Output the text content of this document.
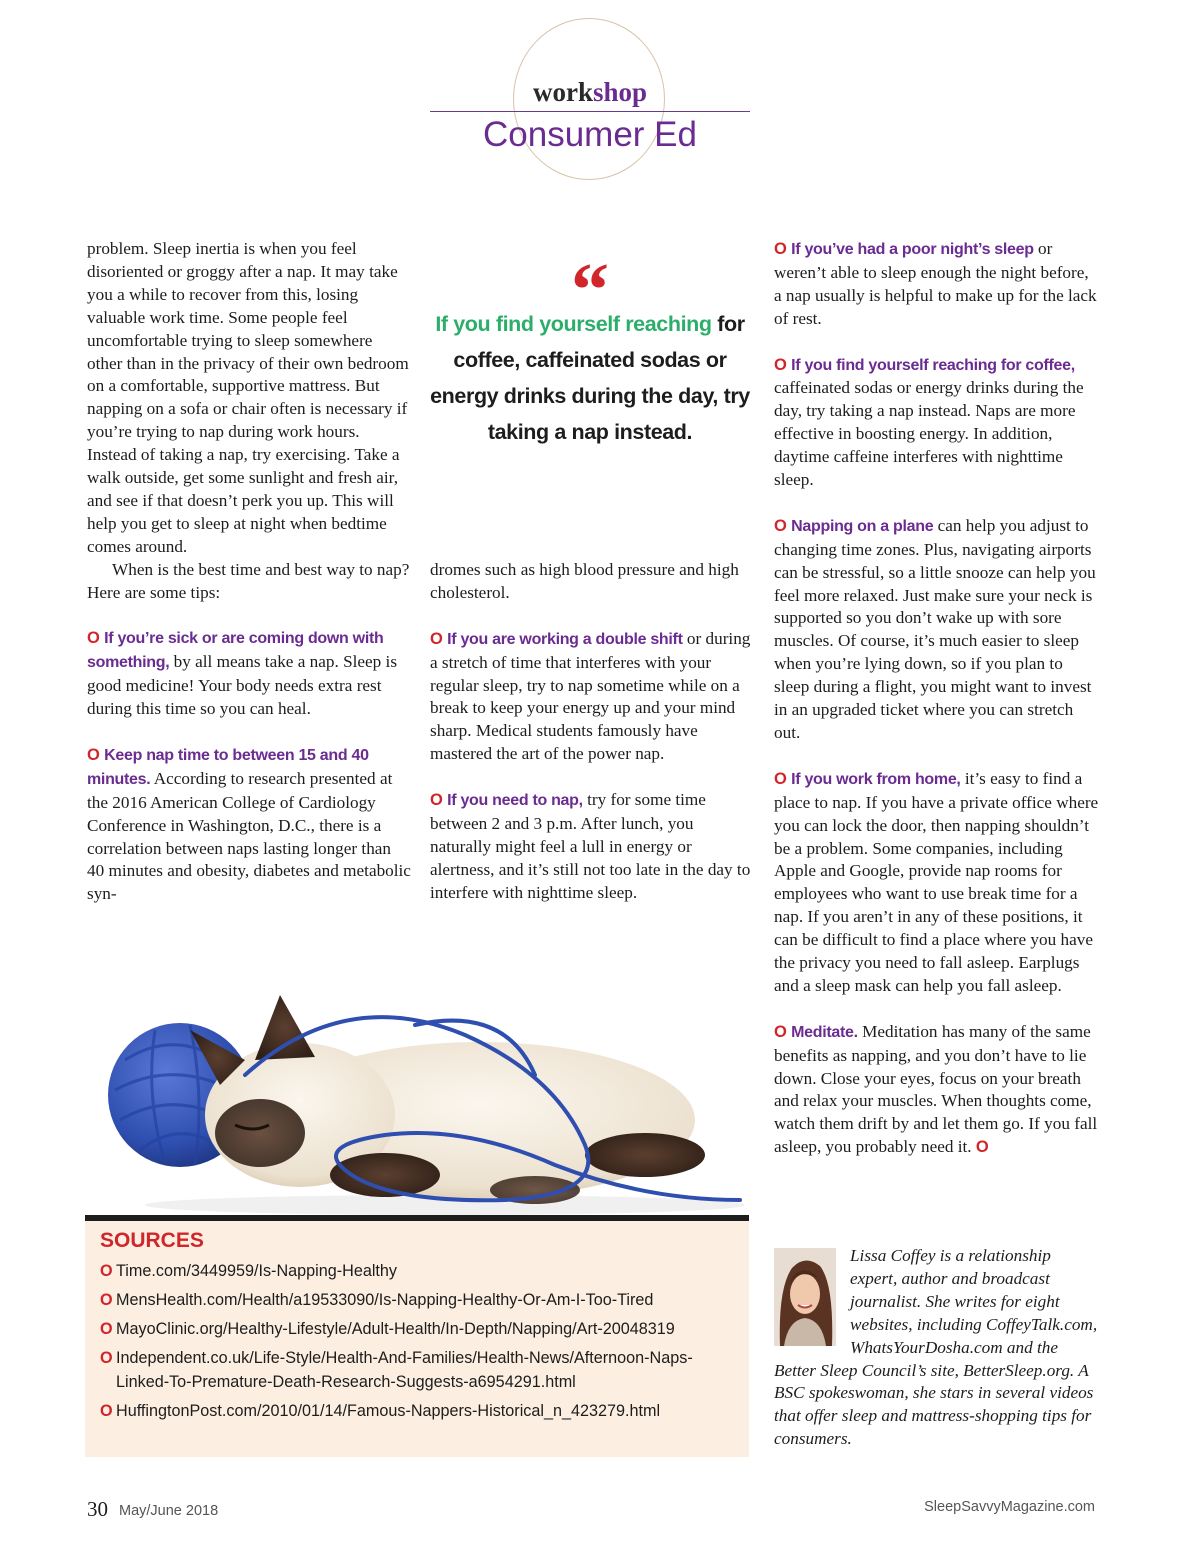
workshop
Consumer Ed

problem. Sleep inertia is when you feel disoriented or groggy after a nap. It may take you a while to recover from this, losing valuable work time. Some people feel uncomfortable trying to sleep somewhere other than in the privacy of their own bedroom on a comfortable, supportive mattress. But napping on a sofa or chair often is necessary if you’re trying to nap during work hours. Instead of taking a nap, try exercising. Take a walk outside, get some sunlight and fresh air, and see if that doesn’t perk you up. This will help you get to sleep at night when bedtime comes around.

When is the best time and best way to nap? Here are some tips:

O If you’re sick or are coming down with something, by all means take a nap. Sleep is good medicine! Your body needs extra rest during this time so you can heal.

O Keep nap time to between 15 and 40 minutes. According to research presented at the 2016 American College of Cardiology Conference in Washington, D.C., there is a correlation between naps lasting longer than 40 minutes and obesity, diabetes and metabolic syn-

“
If you find yourself reaching for coffee, caffeinated sodas or energy drinks during the day, try taking a nap instead.

dromes such as high blood pressure and high cholesterol.

O If you are working a double shift or during a stretch of time that interferes with your regular sleep, try to nap sometime while on a break to keep your energy up and your mind sharp. Medical students famously have mastered the art of the power nap.

O If you need to nap, try for some time between 2 and 3 p.m. After lunch, you naturally might feel a lull in energy or alertness, and it’s still not too late in the day to interfere with nighttime sleep.

O If you’ve had a poor night’s sleep or weren’t able to sleep enough the night before, a nap usually is helpful to make up for the lack of rest.

O If you find yourself reaching for coffee, caffeinated sodas or energy drinks during the day, try taking a nap instead. Naps are more effective in boosting energy. In addition, daytime caffeine interferes with nighttime sleep.

O Napping on a plane can help you adjust to changing time zones. Plus, navigating airports can be stressful, so a little snooze can help you feel more relaxed. Just make sure your neck is supported so you don’t wake up with sore muscles. Of course, it’s much easier to sleep when you’re lying down, so if you plan to sleep during a flight, you might want to invest in an upgraded ticket where you can stretch out.

O If you work from home, it’s easy to find a place to nap. If you have a private office where you can lock the door, then napping shouldn’t be a problem. Some companies, including Apple and Google, provide nap rooms for employees who want to use break time for a nap. If you aren’t in any of these positions, it can be difficult to find a place where you have the privacy you need to fall asleep. Earplugs and a sleep mask can help you fall asleep.

O Meditate. Meditation has many of the same benefits as napping, and you don’t have to lie down. Close your eyes, focus on your breath and relax your muscles. When thoughts come, watch them drift by and let them go. If you fall asleep, you probably need it. O

SOURCES
O Time.com/3449959/Is-Napping-Healthy
O MensHealth.com/Health/a19533090/Is-Napping-Healthy-Or-Am-I-Too-Tired
O MayoClinic.org/Healthy-Lifestyle/Adult-Health/In-Depth/Napping/Art-20048319
O Independent.co.uk/Life-Style/Health-And-Families/Health-News/Afternoon-Naps-Linked-To-Premature-Death-Research-Suggests-a6954291.html
O HuffingtonPost.com/2010/01/14/Famous-Nappers-Historical_n_423279.html
Lissa Coffey is a relationship expert, author and broadcast journalist. She writes for eight websites, including CoffeyTalk.com, WhatsYourDosha.com and the Better Sleep Council’s site, BetterSleep.org. A BSC spokeswoman, she stars in several videos that offer sleep and mattress-shopping tips for consumers.
30 May/June 2018	SleepSavvyMagazine.com
